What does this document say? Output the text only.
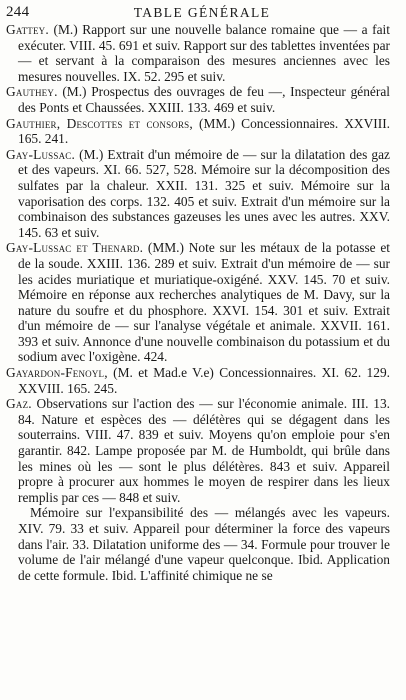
244	TABLE GÉNÉRALE

Gattey. (M.) Rapport sur une nouvelle balance romaine que — a fait exécuter. VIII. 45. 691 et suiv. Rapport sur des tablettes inventées par — et servant à la comparaison des mesures anciennes avec les mesures nouvelles. IX. 52. 295 et suiv.

Gauthey. (M.) Prospectus des ouvrages de feu —, Inspecteur général des Ponts et Chaussées. XXIII. 133. 469 et suiv.

Gauthier, Descottes et consors, (MM.) Concessionnaires. XXVIII. 165. 241.

Gay-Lussac. (M.) Extrait d'un mémoire de — sur la dilatation des gaz et des vapeurs. XI. 66. 527, 528. Mémoire sur la décomposition des sulfates par la chaleur. XXII. 131. 325 et suiv. Mémoire sur la vaporisation des corps. 132. 405 et suiv. Extrait d'un mémoire sur la combinaison des substances gazeuses les unes avec les autres. XXV. 145. 63 et suiv.

Gay-Lussac et Thenard. (MM.) Note sur les métaux de la potasse et de la soude. XXIII. 136. 289 et suiv. Extrait d'un mémoire de — sur les acides muriatique et muriatique-oxigéné. XXV. 145. 70 et suiv. Mémoire en réponse aux recherches analytiques de M. Davy, sur la nature du soufre et du phosphore. XXVI. 154. 301 et suiv. Extrait d'un mémoire de — sur l'analyse végétale et animale. XXVII. 161. 393 et suiv. Annonce d'une nouvelle combinaison du potassium et du sodium avec l'oxigène. 424.

Gayardon-Fenoyl, (M. et Mad.e V.e) Concessionnaires. XI. 62. 129. XXVIII. 165. 245.

Gaz. Observations sur l'action des — sur l'économie animale. III. 13. 84. Nature et espèces des — délétères qui se dégagent dans les souterrains. VIII. 47. 839 et suiv. Moyens qu'on emploie pour s'en garantir. 842. Lampe proposée par M. de Humboldt, qui brûle dans les mines où les — sont le plus délétères. 843 et suiv. Appareil propre à procurer aux hommes le moyen de respirer dans les lieux remplis par ces — 848 et suiv.

Mémoire sur l'expansibilité des — mélangés avec les vapeurs. XIV. 79. 33 et suiv. Appareil pour déterminer la force des vapeurs dans l'air. 33. Dilatation uniforme des — 34. Formule pour trouver le volume de l'air mélangé d'une vapeur quelconque. Ibid. Application de cette formule. Ibid. L'affinité chimique ne se
